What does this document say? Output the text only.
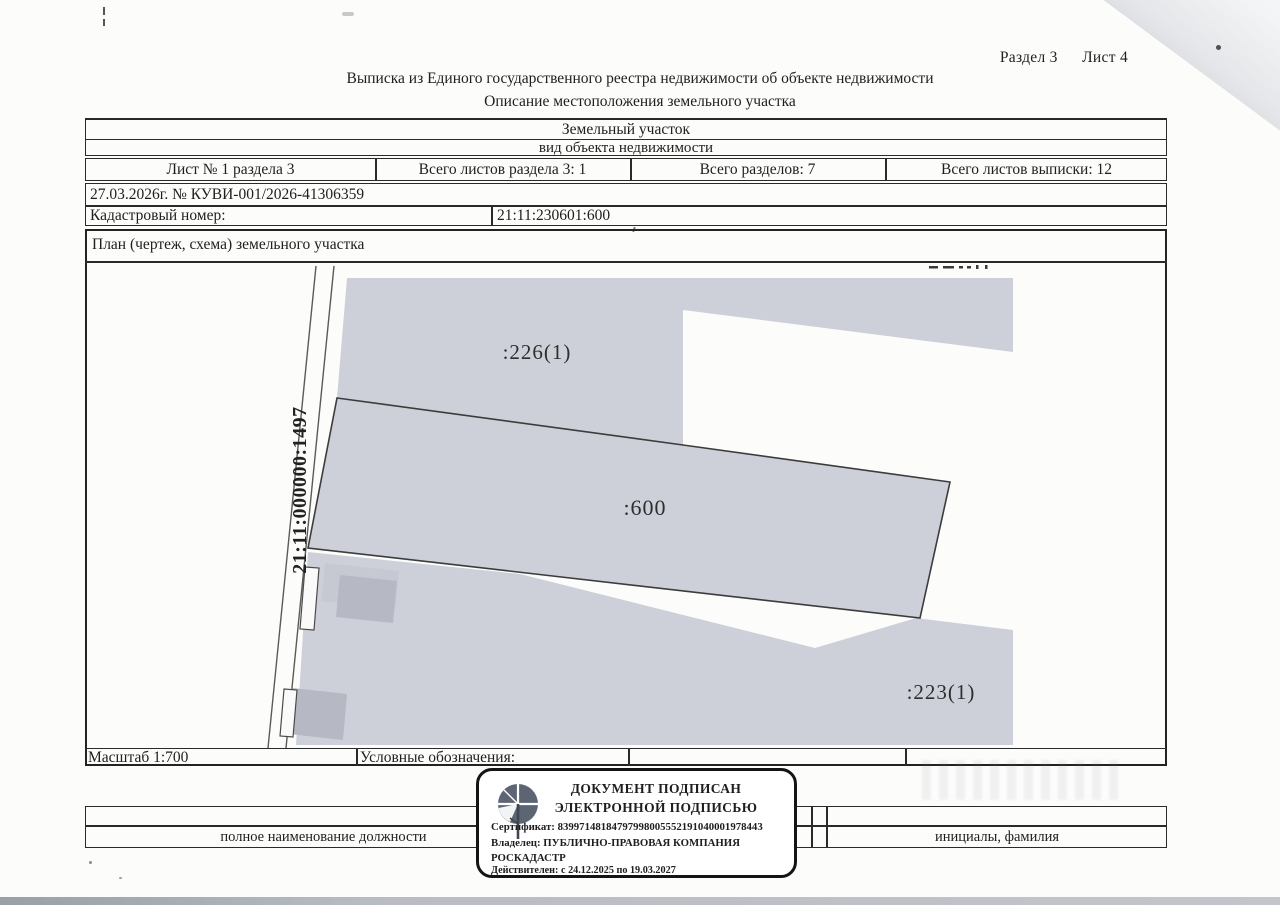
Раздел 3 Лист 4
Выписка из Единого государственного реестра недвижимости об объекте недвижимости
Описание местоположения земельного участка
Земельный участок
вид объекта недвижимости
Лист № 1 раздела 3	Всего листов раздела 3: 1	Всего разделов: 7	Всего листов выписки: 12
27.03.2026г. № КУВИ-001/2026-41306359
Кадастровый номер:	21:11:230601:600
План (чертеж, схема) земельного участка
:226(1)
:600
:223(1)
21:11:000000:1497
Масштаб 1:700	Условные обозначения:
полное наименование должности	инициалы, фамилия
ДОКУМЕНТ ПОДПИСАН
ЭЛЕКТРОННОЙ ПОДПИСЬЮ
Сертификат: 83997148184797998005552191040001978443
Владелец: ПУБЛИЧНО-ПРАВОВАЯ КОМПАНИЯ
РОСКАДАСТР
Действителен: с 24.12.2025 по 19.03.2027
